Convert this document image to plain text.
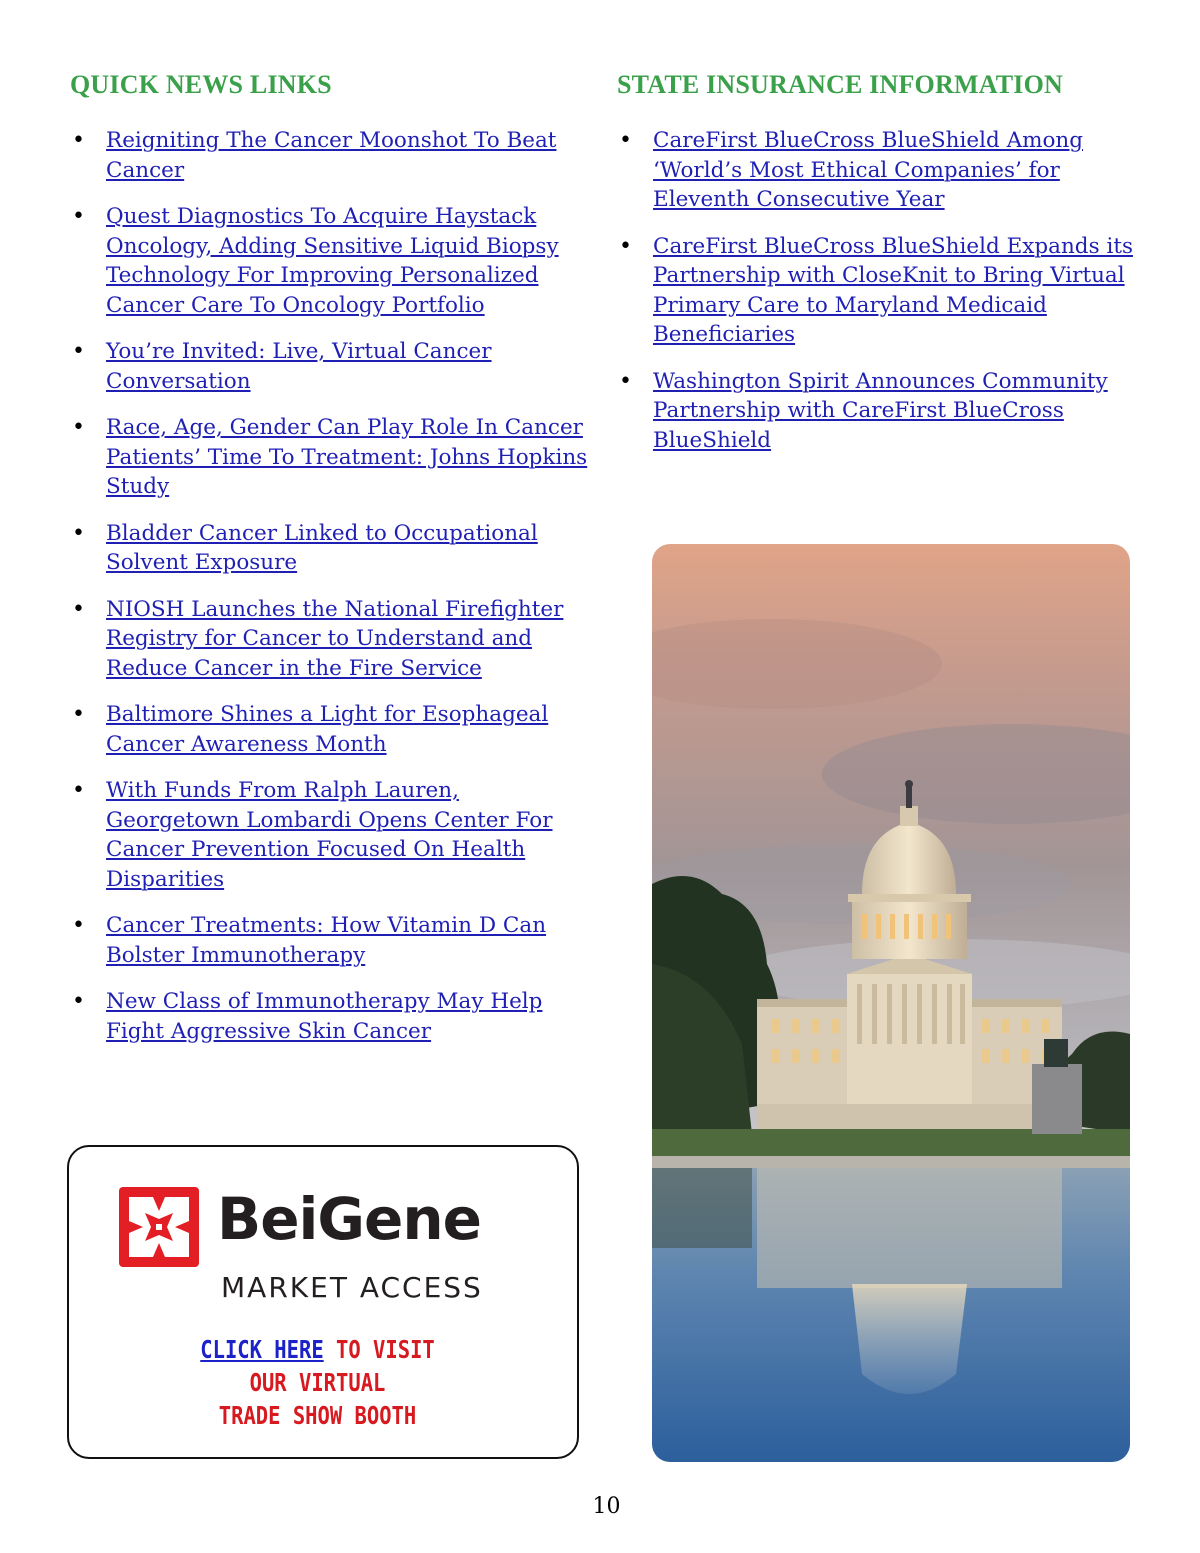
QUICK NEWS LINKS
• Reigniting The Cancer Moonshot To Beat Cancer
• Quest Diagnostics To Acquire Haystack Oncology, Adding Sensitive Liquid Biopsy Technology For Improving Personalized Cancer Care To Oncology Portfolio
• You’re Invited: Live, Virtual Cancer Conversation
• Race, Age, Gender Can Play Role In Cancer Patients’ Time To Treatment: Johns Hopkins Study
• Bladder Cancer Linked to Occupational Solvent Exposure
• NIOSH Launches the National Firefighter Registry for Cancer to Understand and Reduce Cancer in the Fire Service
• Baltimore Shines a Light for Esophageal Cancer Awareness Month
• With Funds From Ralph Lauren, Georgetown Lombardi Opens Center For Cancer Prevention Focused On Health Disparities
• Cancer Treatments: How Vitamin D Can Bolster Immunotherapy
• New Class of Immunotherapy May Help Fight Aggressive Skin Cancer
STATE INSURANCE INFORMATION
• CareFirst BlueCross BlueShield Among ‘World’s Most Ethical Companies’ for Eleventh Consecutive Year
• CareFirst BlueCross BlueShield Expands its Partnership with CloseKnit to Bring Virtual Primary Care to Maryland Medicaid Beneficiaries
• Washington Spirit Announces Community Partnership with CareFirst BlueCross BlueShield
BeiGene
MARKET ACCESS
CLICK HERE TO VISIT
OUR VIRTUAL
TRADE SHOW BOOTH
10
